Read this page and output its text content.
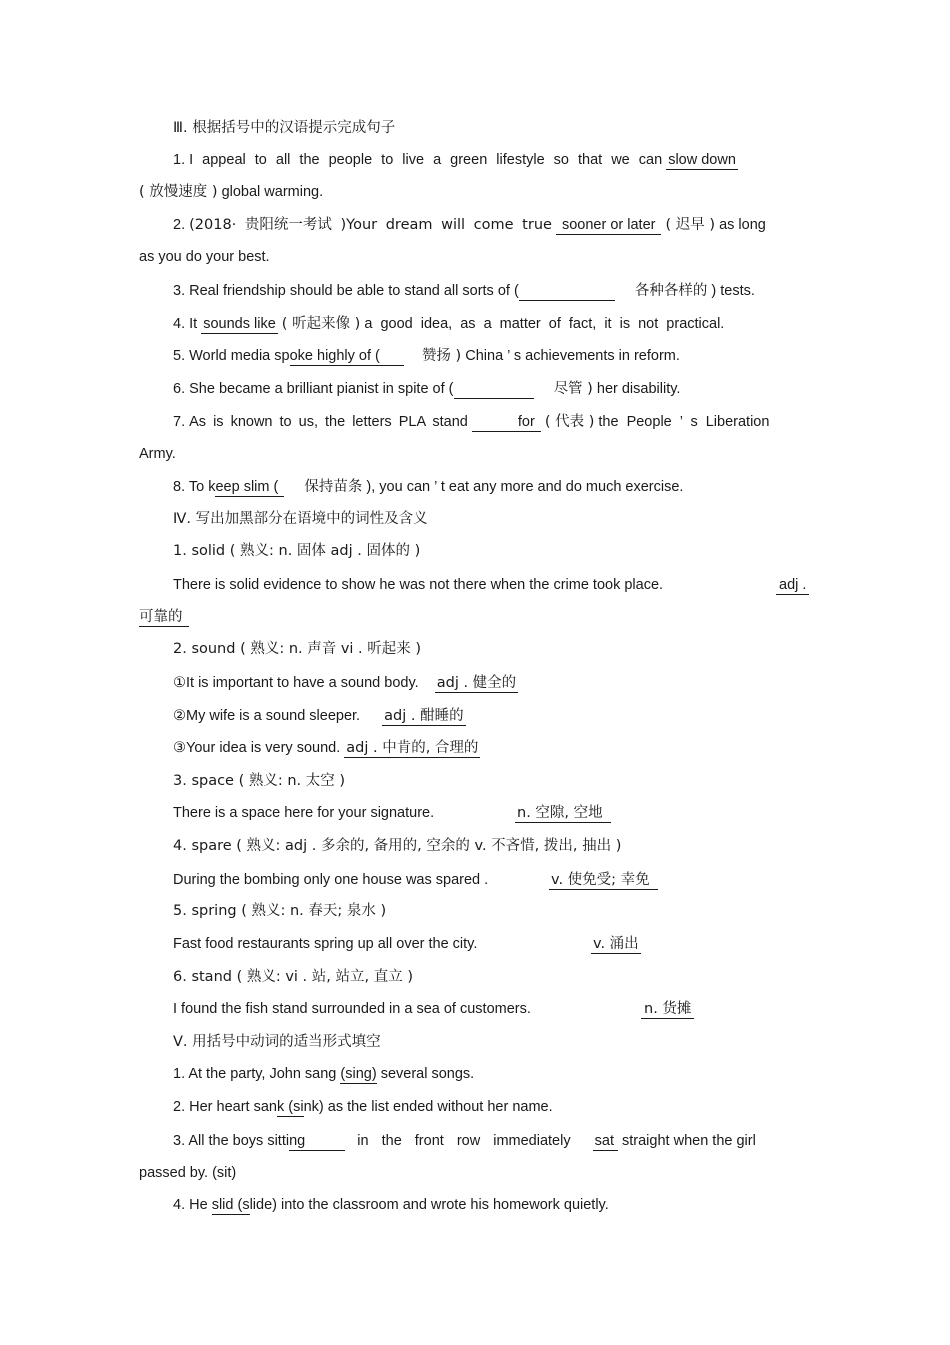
Ⅲ. 根据括号中的汉语提示完成句子
1. I appeal to all the people to live a green lifestyle so that we can slow down
( 放慢速度 ) global warming.
2. (2018· 贵阳统一考试 )Your dream will come true sooner or later ( 迟早 ) as long
as you do your best.
3. Real friendship should be able to stand all sorts of (	各种各样的 ) tests.
4. It sounds like ( 听起来像 ) a good idea, as a matter of fact, it is not practical.
5. World media spoke highly of (	赞扬 ) China ’ s achievements in reform.
6. She became a brilliant pianist in spite of (	尽管 ) her disability.
7. As is known to us, the letters PLA stand	for ( 代表 ) the People ’ s Liberation
Army.
8. To keep slim ( 保持苗条 ), you can ’ t eat any more and do much exercise.
Ⅳ. 写出加黑部分在语境中的词性及含义
1. solid ( 熟义: n. 固体 adj . 固体的 )
There is solid evidence to show he was not there when the crime took place.	adj .
可靠的
2. sound ( 熟义: n. 声音 vi . 听起来 )
①It is important to have a sound body. adj . 健全的
②My wife is a sound sleeper. adj . 酣睡的
③Your idea is very sound. adj . 中肯的, 合理的
3. space ( 熟义: n. 太空 )
There is a space here for your signature.	n. 空隙, 空地
4. spare ( 熟义: adj . 多余的, 备用的, 空余的 v. 不吝惜, 拨出, 抽出 )
During the bombing only one house was spared .	v. 使免受; 幸免
5. spring ( 熟义: n. 春天; 泉水 )
Fast food restaurants spring up all over the city.	v. 涌出
6. stand ( 熟义: vi . 站, 站立, 直立 )
I found the fish stand surrounded in a sea of customers.	n. 货摊
Ⅴ. 用括号中动词的适当形式填空
1. At the party, John sang (sing) several songs.
2. Her heart sank (sink) as the list ended without her name.
3. All the boys sitting	in the front row immediately sat straight when the girl
passed by. (sit)
4. He slid (slide) into the classroom and wrote his homework quietly.
